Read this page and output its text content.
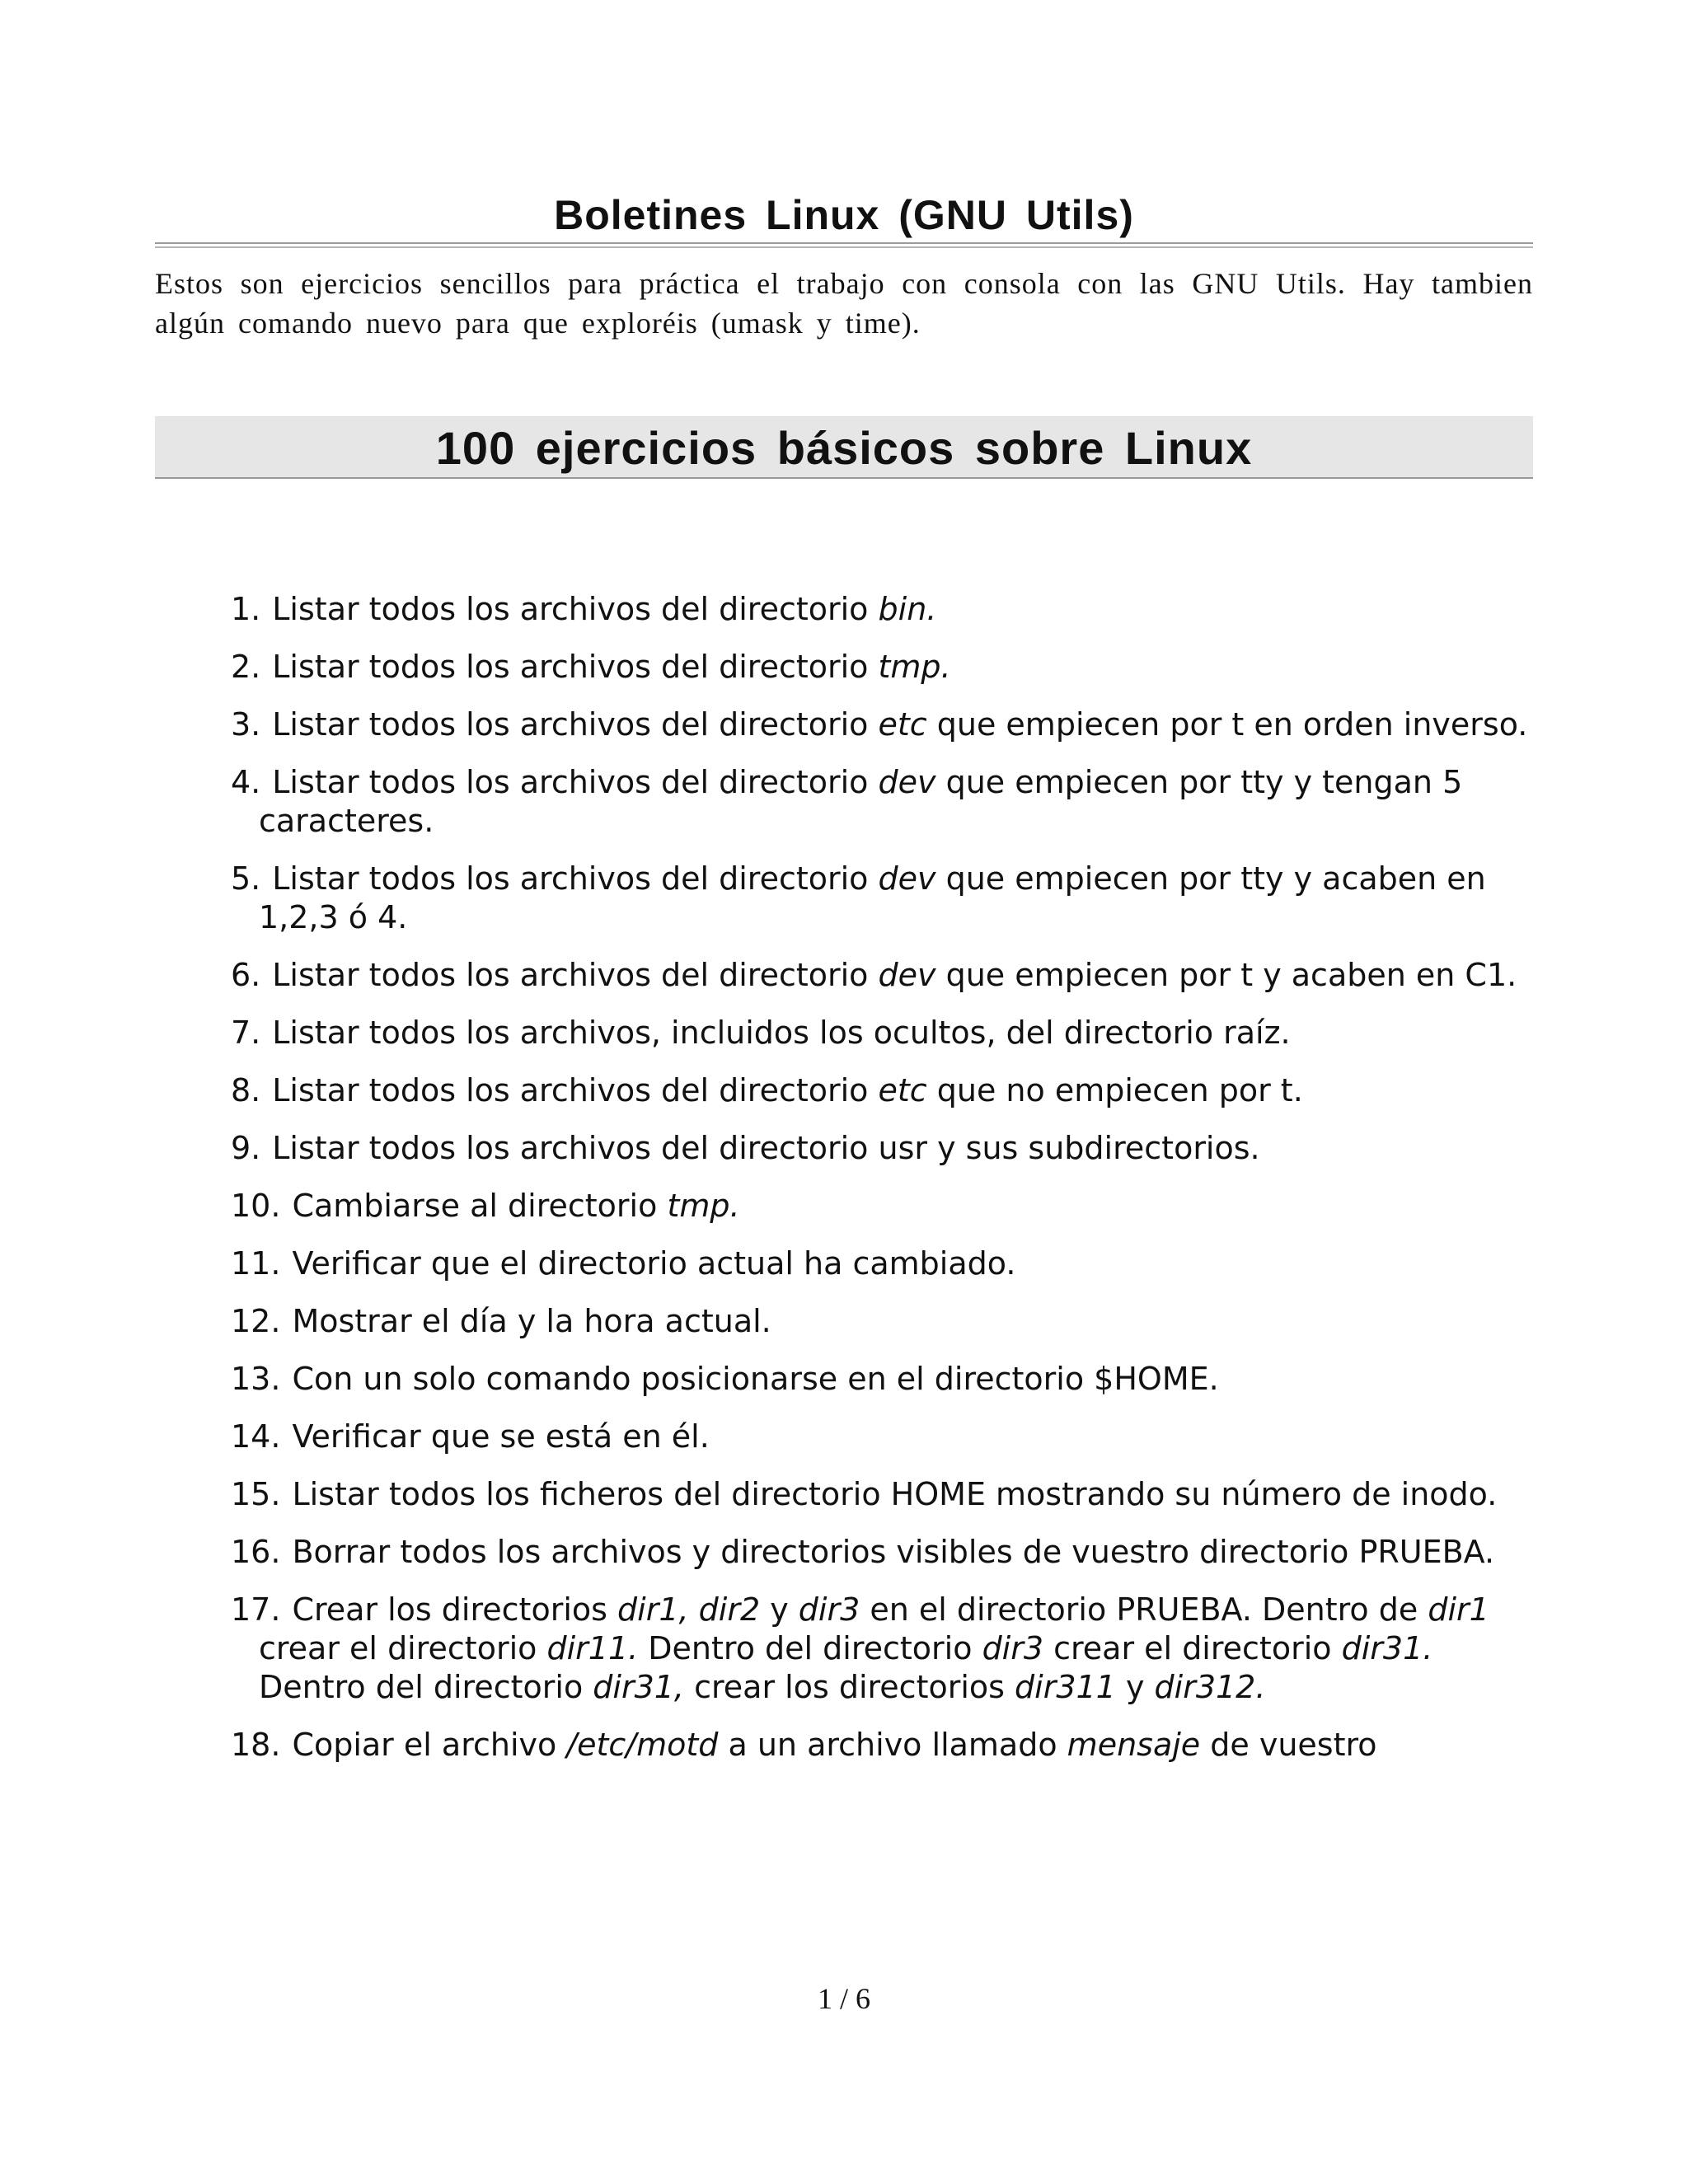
Boletines Linux (GNU Utils)

Estos son ejercicios sencillos para práctica el trabajo con consola con las GNU Utils. Hay tambien algún comando nuevo para que exploréis (umask y time).

100 ejercicios básicos sobre Linux
1. Listar todos los archivos del directorio bin.
2. Listar todos los archivos del directorio tmp.
3. Listar todos los archivos del directorio etc que empiecen por t en orden inverso.
4. Listar todos los archivos del directorio dev que empiecen por tty y tengan 5 caracteres.
5. Listar todos los archivos del directorio dev que empiecen por tty y acaben en 1,2,3 ó 4.
6. Listar todos los archivos del directorio dev que empiecen por t y acaben en C1.
7. Listar todos los archivos, incluidos los ocultos, del directorio raíz.
8. Listar todos los archivos del directorio etc que no empiecen por t.
9. Listar todos los archivos del directorio usr y sus subdirectorios.
10. Cambiarse al directorio tmp.
11. Verificar que el directorio actual ha cambiado.
12. Mostrar el día y la hora actual.
13. Con un solo comando posicionarse en el directorio $HOME.
14. Verificar que se está en él.
15. Listar todos los ficheros del directorio HOME mostrando su número de inodo.
16. Borrar todos los archivos y directorios visibles de vuestro directorio PRUEBA.
17. Crear los directorios dir1, dir2 y dir3 en el directorio PRUEBA. Dentro de dir1 crear el directorio dir11. Dentro del directorio dir3 crear el directorio dir31. Dentro del directorio dir31, crear los directorios dir311 y dir312.
18. Copiar el archivo /etc/motd a un archivo llamado mensaje de vuestro

1 / 6
